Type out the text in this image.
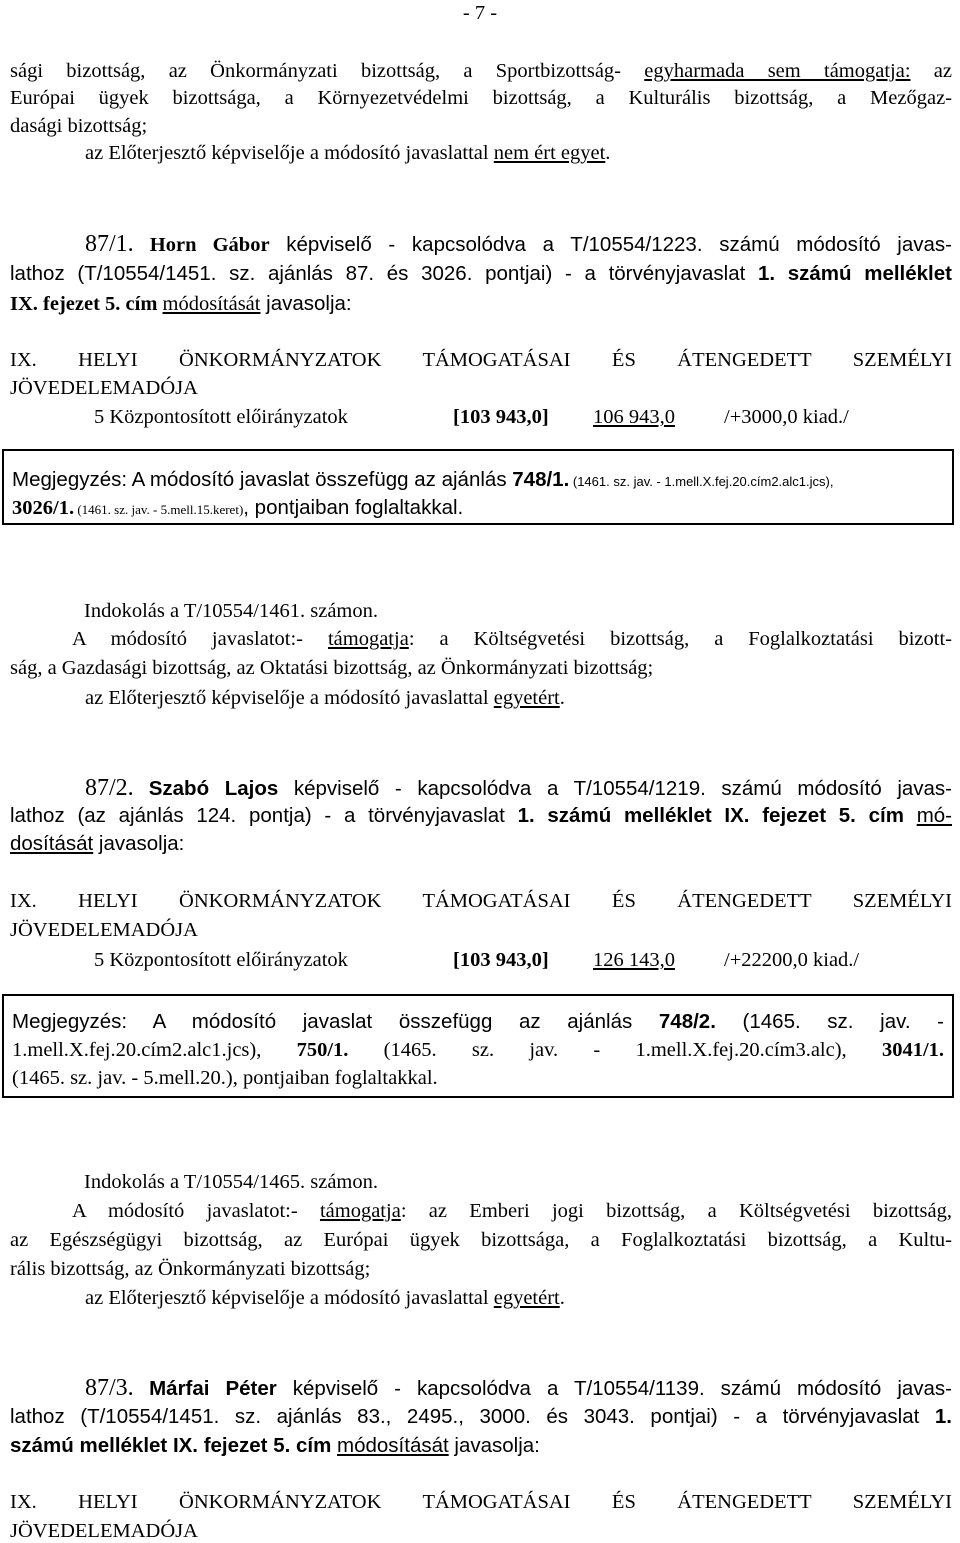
- 7 -
sági bizottság, az Önkormányzati bizottság, a Sportbizottság- egyharmada sem támogatja: az
Európai ügyek bizottsága, a Környezetvédelmi bizottság, a Kulturális bizottság, a Mezőgaz-
dasági bizottság;
az Előterjesztő képviselője a módosító javaslattal nem ért egyet.
87/1. Horn Gábor képviselő - kapcsolódva a T/10554/1223. számú módosító javas-
lathoz (T/10554/1451. sz. ajánlás 87. és 3026. pontjai) - a törvényjavaslat 1. számú melléklet
IX. fejezet 5. cím módosítását javasolja:
IX. HELYI ÖNKORMÁNYZATOK TÁMOGATÁSAI ÉS ÁTENGEDETT SZEMÉLYI
JÖVEDELEMADÓJA
5 Központosított előirányzatok	[103 943,0] 106 943,0 /+3000,0 kiad./
Megjegyzés: A módosító javaslat összefügg az ajánlás 748/1. (1461. sz. jav. - 1.mell.X.fej.20.cím2.alc1.jcs),
3026/1. (1461. sz. jav. - 5.mell.15.keret), pontjaiban foglaltakkal.
Indokolás a T/10554/1461. számon.
A módosító javaslatot:- támogatja: a Költségvetési bizottság, a Foglalkoztatási bizott-
ság, a Gazdasági bizottság, az Oktatási bizottság, az Önkormányzati bizottság;
az Előterjesztő képviselője a módosító javaslattal egyetért.
87/2. Szabó Lajos képviselő - kapcsolódva a T/10554/1219. számú módosító javas-
lathoz (az ajánlás 124. pontja) - a törvényjavaslat 1. számú melléklet IX. fejezet 5. cím mó-
dosítását javasolja:
IX. HELYI ÖNKORMÁNYZATOK TÁMOGATÁSAI ÉS ÁTENGEDETT SZEMÉLYI
JÖVEDELEMADÓJA
5 Központosított előirányzatok	[103 943,0] 126 143,0 /+22200,0 kiad./
Megjegyzés: A módosító javaslat összefügg az ajánlás 748/2. (1465. sz. jav. -
1.mell.X.fej.20.cím2.alc1.jcs), 750/1. (1465. sz. jav. - 1.mell.X.fej.20.cím3.alc), 3041/1.
(1465. sz. jav. - 5.mell.20.), pontjaiban foglaltakkal.
Indokolás a T/10554/1465. számon.
A módosító javaslatot:- támogatja: az Emberi jogi bizottság, a Költségvetési bizottság,
az Egészségügyi bizottság, az Európai ügyek bizottsága, a Foglalkoztatási bizottság, a Kultu-
rális bizottság, az Önkormányzati bizottság;
az Előterjesztő képviselője a módosító javaslattal egyetért.
87/3. Márfai Péter képviselő - kapcsolódva a T/10554/1139. számú módosító javas-
lathoz (T/10554/1451. sz. ajánlás 83., 2495., 3000. és 3043. pontjai) - a törvényjavaslat 1.
számú melléklet IX. fejezet 5. cím módosítását javasolja:
IX. HELYI ÖNKORMÁNYZATOK TÁMOGATÁSAI ÉS ÁTENGEDETT SZEMÉLYI
JÖVEDELEMADÓJA
